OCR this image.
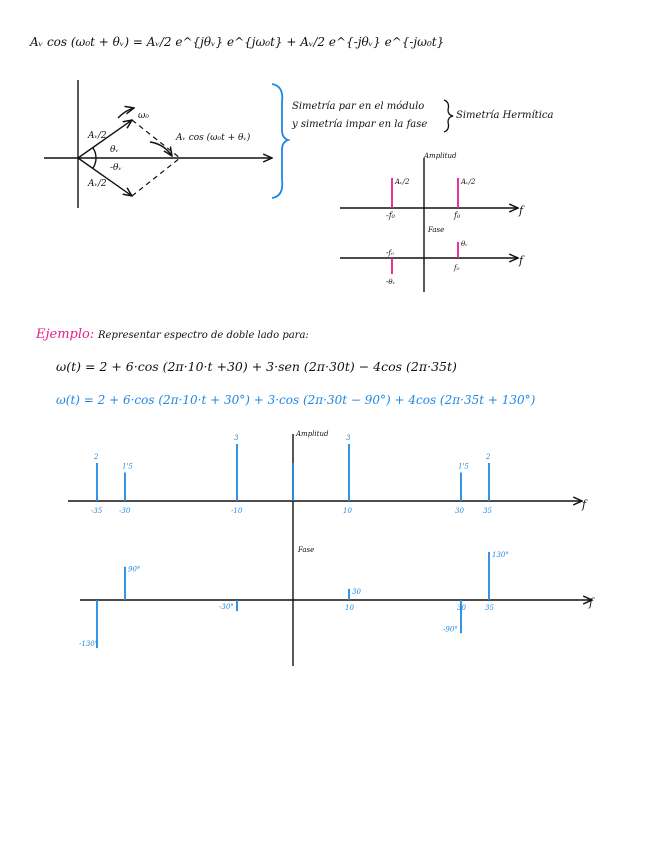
Aᵥ cos (ω₀t + θᵥ) = Aᵥ/2 e^{jθᵥ} e^{jω₀t} + Aᵥ/2 e^{-jθᵥ} e^{-jω₀t}
Aᵥ/2
Aᵥ/2
θᵥ
-θᵥ
ω₀
Aᵥ cos (ω₀t + θᵥ)
Simetría par en el módulo
y simetría impar en la fase
Simetría Hermítica
Amplitud
f
-f₀	f₀
Aᵥ/2	Aᵥ/2
Fase
f
-f₀
f₀
θᵥ
-θᵥ
Ejemplo: Representar espectro de doble lado para:
ω(t) = 2 + 6·cos (2π·10·t +30) + 3·sen (2π·30t) − 4cos (2π·35t)
ω(t) = 2 + 6·cos (2π·10·t + 30°) + 3·cos (2π·30t − 90°) + 4cos (2π·35t + 130°)
Amplitud
f
2
-35
1'5
-30
3
-10
3
10
1'5
30
2
35
Fase
f
-130°
90°
-30°
30
10
-90°
30
130°
35
